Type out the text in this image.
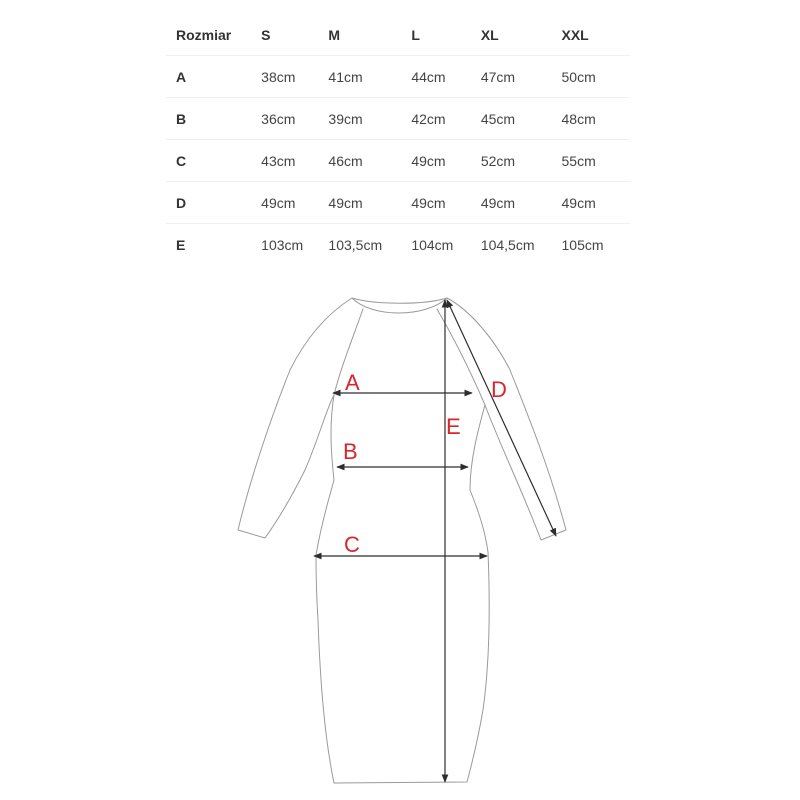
Rozmiar	S	M	L	XL	XXL
A	38cm	41cm	44cm	47cm	50cm
B	36cm	39cm	42cm	45cm	48cm
C	43cm	46cm	49cm	52cm	55cm
D	49cm	49cm	49cm	49cm	49cm
E	103cm	103,5cm	104cm	104,5cm	105cm
A
B
C
D
E
